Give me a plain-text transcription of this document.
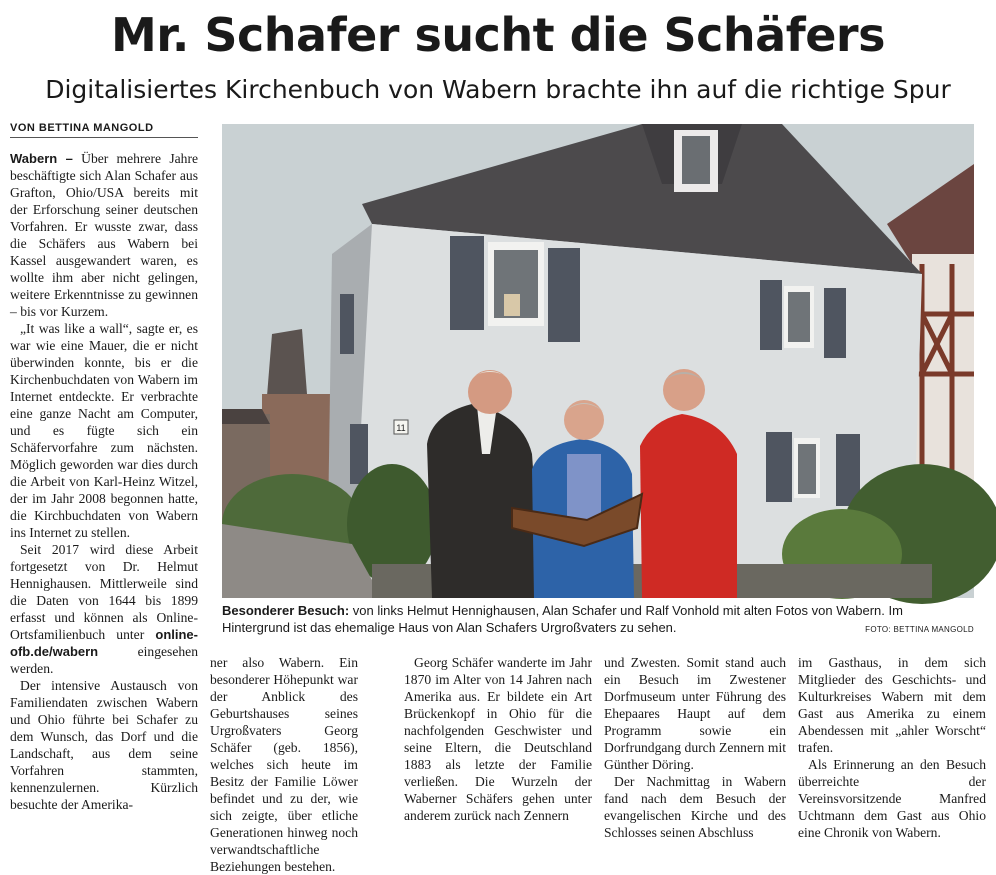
Mr. Schafer sucht die Schäfers
Digitalisiertes Kirchenbuch von Wabern brachte ihn auf die richtige Spur
VON BETTINA MANGOLD

Wabern – Über mehrere Jahre beschäftigte sich Alan Schafer aus Grafton, Ohio/USA bereits mit der Erforschung seiner deutschen Vorfahren. Er wusste zwar, dass die Schäfers aus Wabern bei Kassel ausgewandert waren, es wollte ihm aber nicht gelingen, weitere Erkenntnisse zu gewinnen – bis vor Kurzem.

„It was like a wall“, sagte er, es war wie eine Mauer, die er nicht überwinden konnte, bis er die Kirchenbuchdaten von Wabern im Internet entdeckte. Er verbrachte eine ganze Nacht am Computer, und es fügte sich ein Schäfervorfahre zum nächsten. Möglich geworden war dies durch die Arbeit von Karl-Heinz Witzel, der im Jahr 2008 begonnen hatte, die Kirchbuchdaten von Wabern ins Internet zu stellen.

Seit 2017 wird diese Arbeit fortgesetzt von Dr. Helmut Hennighausen. Mittlerweile sind die Daten von 1644 bis 1899 erfasst und können als Online-Ortsfamilienbuch unter online-ofb.de/wabern eingesehen werden.

Der intensive Austausch von Familiendaten zwischen Wabern und Ohio führte bei Schafer zu dem Wunsch, das Dorf und die Landschaft, aus dem seine Vorfahren stammten, kennenzulernen. Kürzlich besuchte der Amerika-

11
Besonderer Besuch: von links Helmut Hennighausen, Alan Schafer und Ralf Vonhold mit alten Fotos von Wabern. Im Hintergrund ist das ehemalige Haus von Alan Schafers Urgroßvaters zu sehen.	FOTO: BETTINA MANGOLD

ner also Wabern. Ein besonderer Höhepunkt war der Anblick des Geburtshauses seines Urgroßvaters Georg Schäfer (geb. 1856), welches sich heute im Besitz der Familie Löwer befindet und zu der, wie sich zeigte, über etliche Generationen hinweg noch verwandtschaftliche Beziehungen bestehen.

Georg Schäfer wanderte im Jahr 1870 im Alter von 14 Jahren nach Amerika aus. Er bildete ein Art Brückenkopf in Ohio für die nachfolgenden Geschwister und seine Eltern, die Deutschland 1883 als letzte der Familie verließen. Die Wurzeln der Waberner Schäfers gehen unter anderem zurück nach Zennern

und Zwesten. Somit stand auch ein Besuch im Zwestener Dorfmuseum unter Führung des Ehepaares Haupt auf dem Programm sowie ein Dorfrundgang durch Zennern mit Günther Döring.

Der Nachmittag in Wabern fand nach dem Besuch der evangelischen Kirche und des Schlosses seinen Abschluss

im Gasthaus, in dem sich Mitglieder des Geschichts- und Kulturkreises Wabern mit dem Gast aus Amerika zu einem Abendessen mit „ahler Worscht“ trafen.

Als Erinnerung an den Besuch überreichte der Vereinsvorsitzende Manfred Uchtmann dem Gast aus Ohio eine Chronik von Wabern.
